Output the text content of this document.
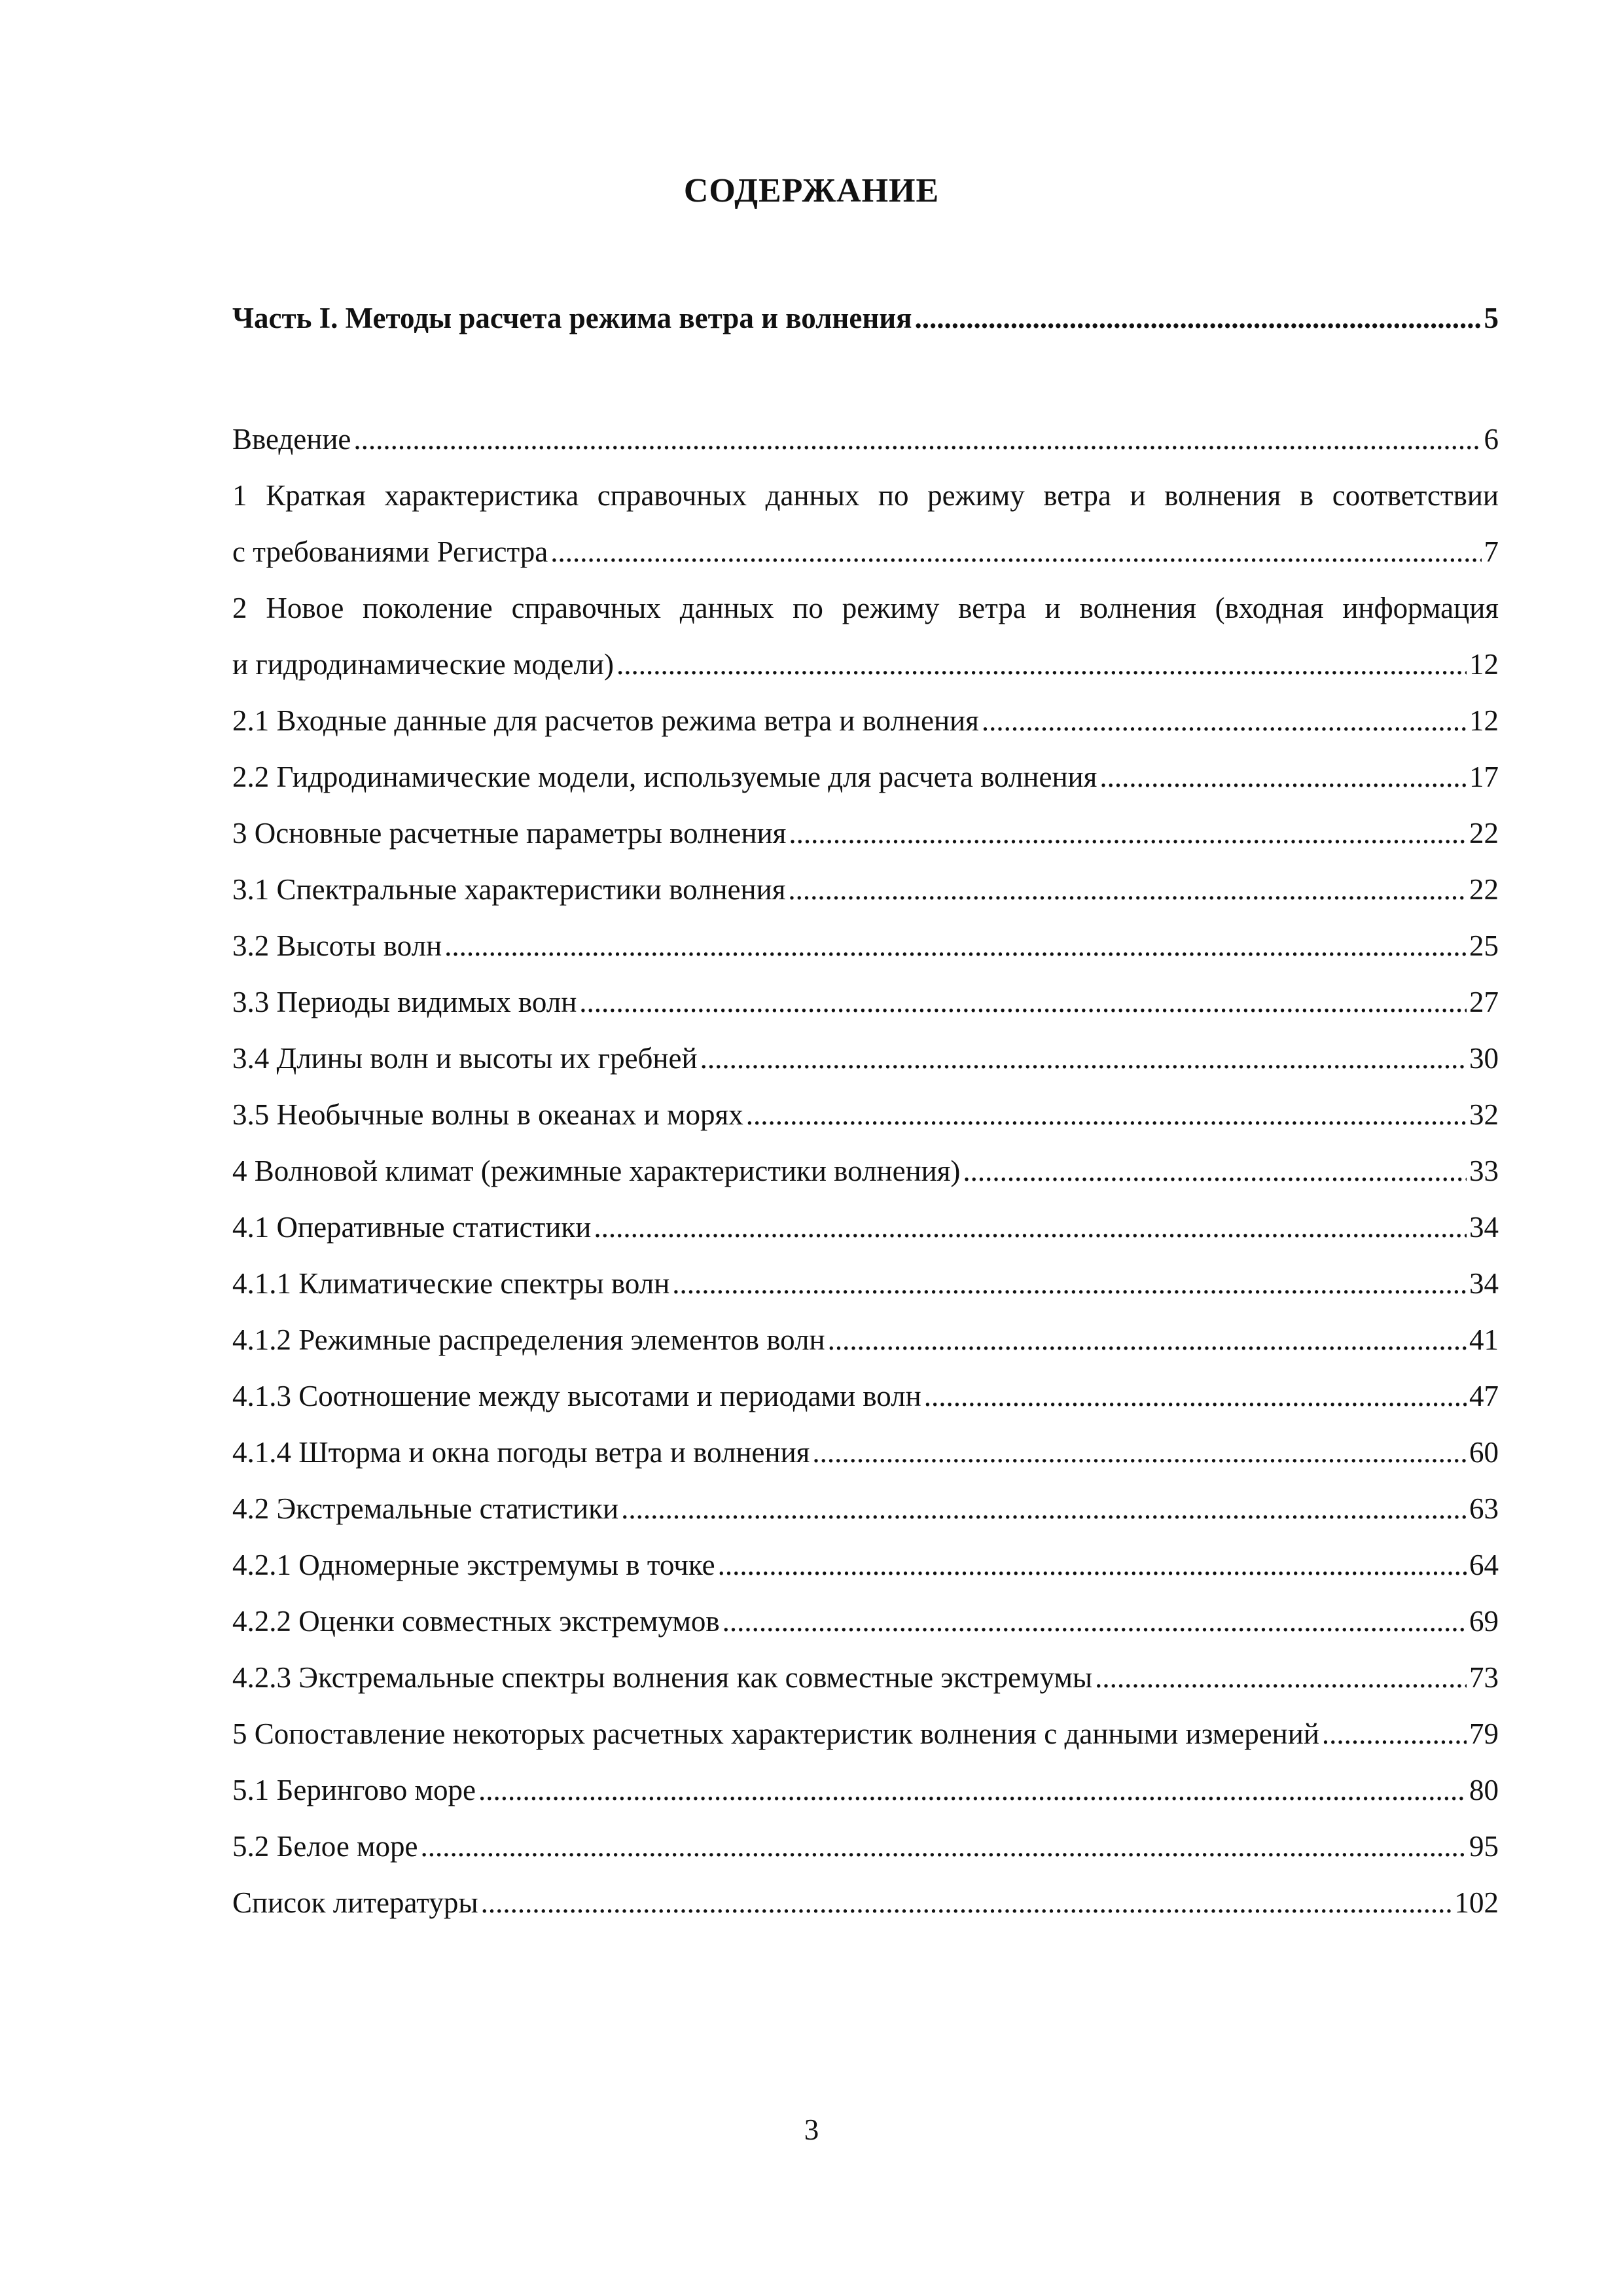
СОДЕРЖАНИЕ
Часть I. Методы расчета режима ветра и волнения .....	5
Введение .....	6
1 Краткая характеристика справочных данных по режиму ветра и волнения в соответствии
с требованиями Регистра .....	7
2 Новое поколение справочных данных по режиму ветра и волнения (входная информация
и гидродинамические модели) .....	12
2.1 Входные данные для расчетов режима ветра и волнения .....	12
2.2 Гидродинамические модели, используемые для расчета волнения .....	17
3 Основные расчетные параметры волнения .....	22
3.1 Спектральные характеристики волнения .....	22
3.2 Высоты волн .....	25
3.3 Периоды видимых волн .....	27
3.4 Длины волн и высоты их гребней .....	30
3.5 Необычные волны в океанах и морях .....	32
4 Волновой климат (режимные характеристики волнения) .....	33
4.1 Оперативные статистики .....	34
4.1.1 Климатические спектры волн .....	34
4.1.2 Режимные распределения элементов волн .....	41
4.1.3 Соотношение между высотами и периодами волн .....	47
4.1.4 Шторма и окна погоды ветра и волнения .....	60
4.2 Экстремальные статистики .....	63
4.2.1 Одномерные экстремумы в точке .....	64
4.2.2 Оценки совместных экстремумов .....	69
4.2.3 Экстремальные спектры волнения как совместные экстремумы .....	73
5 Сопоставление некоторых расчетных характеристик волнения с данными измерений .....	79
5.1 Берингово море .....	80
5.2 Белое море .....	95
Список литературы .....	102
3
